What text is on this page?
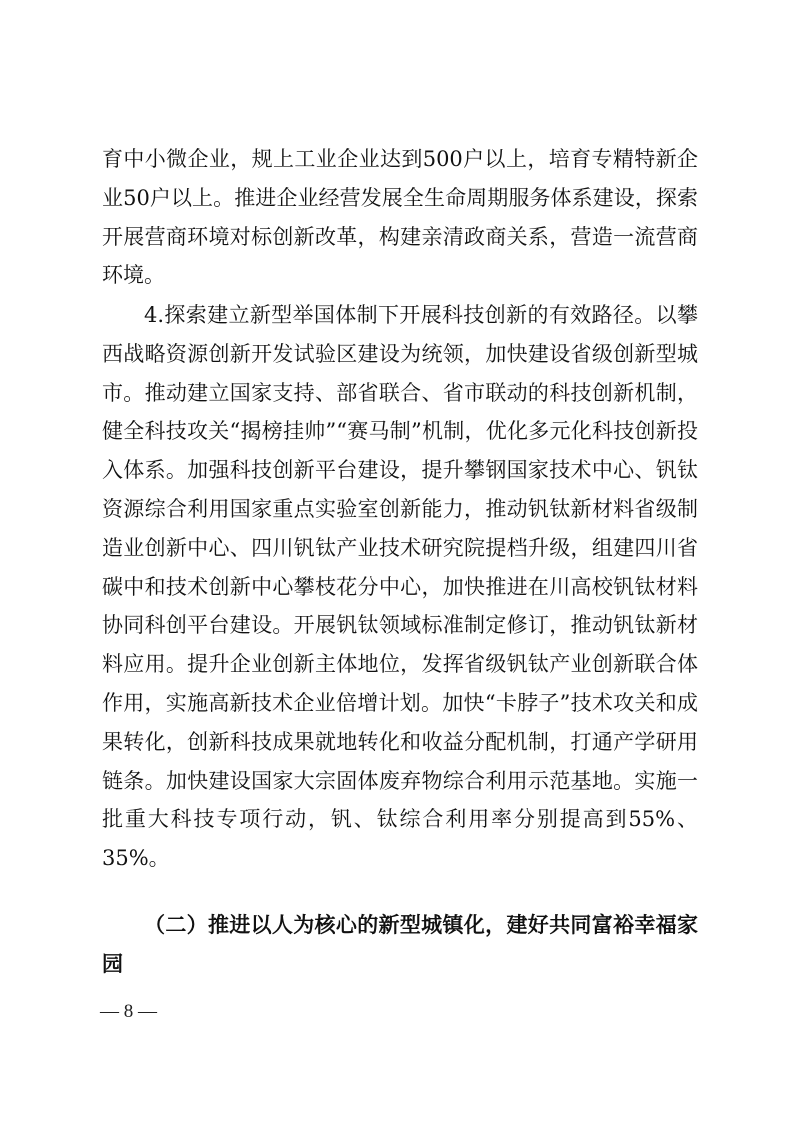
育中小微企业，规上工业企业达到500户以上，培育专精特新企业50户以上。推进企业经营发展全生命周期服务体系建设，探索开展营商环境对标创新改革，构建亲清政商关系，营造一流营商环境。

4.探索建立新型举国体制下开展科技创新的有效路径。以攀西战略资源创新开发试验区建设为统领，加快建设省级创新型城市。推动建立国家支持、部省联合、省市联动的科技创新机制，健全科技攻关“揭榜挂帅”“赛马制”机制，优化多元化科技创新投入体系。加强科技创新平台建设，提升攀钢国家技术中心、钒钛资源综合利用国家重点实验室创新能力，推动钒钛新材料省级制造业创新中心、四川钒钛产业技术研究院提档升级，组建四川省碳中和技术创新中心攀枝花分中心，加快推进在川高校钒钛材料协同科创平台建设。开展钒钛领域标准制定修订，推动钒钛新材料应用。提升企业创新主体地位，发挥省级钒钛产业创新联合体作用，实施高新技术企业倍增计划。加快“卡脖子”技术攻关和成果转化，创新科技成果就地转化和收益分配机制，打通产学研用链条。加快建设国家大宗固体废弃物综合利用示范基地。实施一批重大科技专项行动，钒、钛综合利用率分别提高到55%、35%。

（二）推进以人为核心的新型城镇化，建好共同富裕幸福家园

— 8 —
